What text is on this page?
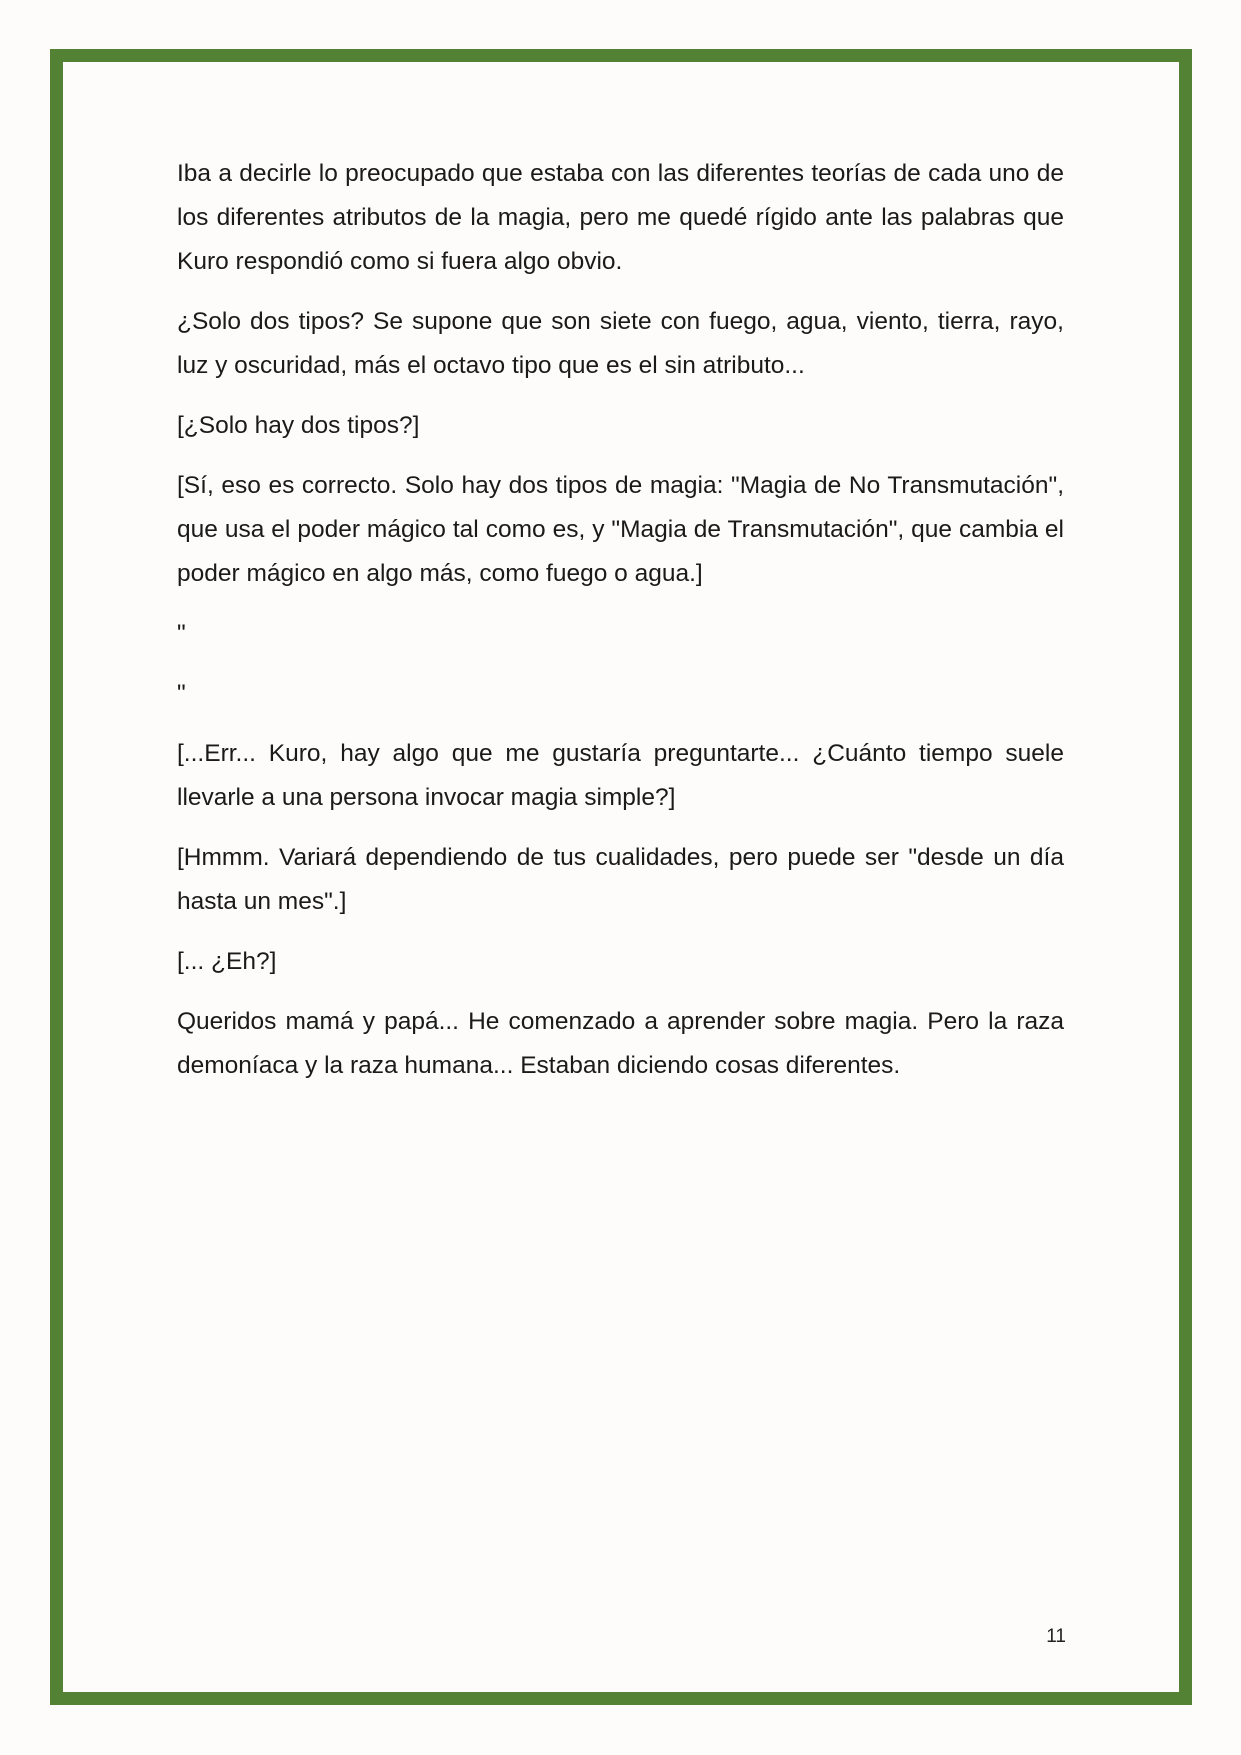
Iba a decirle lo preocupado que estaba con las diferentes teorías de cada uno de los diferentes atributos de la magia, pero me quedé rígido ante las palabras que Kuro respondió como si fuera algo obvio.

¿Solo dos tipos? Se supone que son siete con fuego, agua, viento, tierra, rayo, luz y oscuridad, más el octavo tipo que es el sin atributo...

[¿Solo hay dos tipos?]

[Sí, eso es correcto. Solo hay dos tipos de magia: "Magia de No Transmutación", que usa el poder mágico tal como es, y "Magia de Transmutación", que cambia el poder mágico en algo más, como fuego o agua.]

"

"

[...Err... Kuro, hay algo que me gustaría preguntarte... ¿Cuánto tiempo suele llevarle a una persona invocar magia simple?]

[Hmmm. Variará dependiendo de tus cualidades, pero puede ser "desde un día hasta un mes".]

[... ¿Eh?]

Queridos mamá y papá... He comenzado a aprender sobre magia. Pero la raza demoníaca y la raza humana... Estaban diciendo cosas diferentes.

11
